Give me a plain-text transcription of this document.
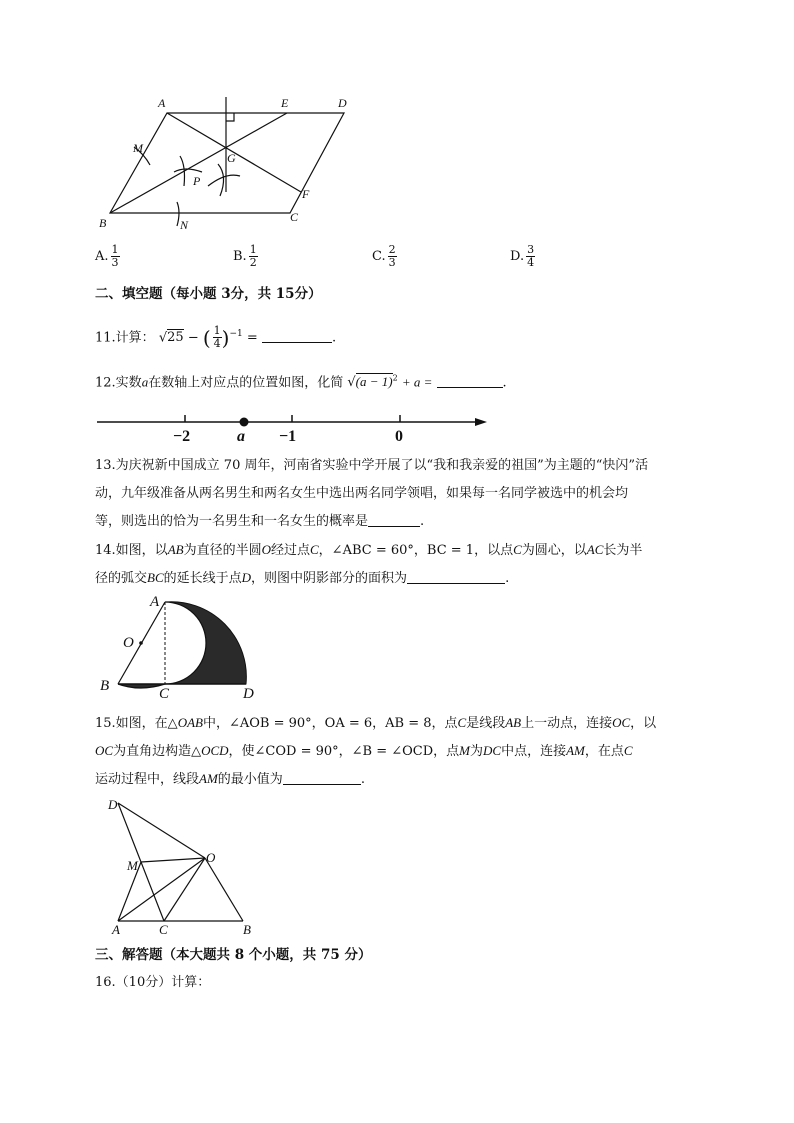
A	E	D
M
G
P
F
B	N
C
A. $\frac{1}{3}$	B. $\frac{1}{2}$	C. $\frac{2}{3}$	D. $\frac{3}{4}$
二、填空题（每小题 3分，共 15分）
11.计算： √25 − ( $\frac{1}{4} )^{-1}$ =	.
12.实数a在数轴上对应点的位置如图，化简 $√(a - 1)^2 + a$ =	.
−2	a −1	0
13.为庆祝新中国成立 70 周年，河南省实验中学开展了以“我和我亲爱的祖国”为主题的“快闪”活
动，九年级准备从两名男生和两名女生中选出两名同学领唱，如果每一名同学被选中的机会均
等，则选出的恰为一名男生和一名女生的概率是	.
14.如图，以AB为直径的半圆O经过点C，∠ABC = 60°，BC = 1，以点C为圆心，以AC长为半
径的弧交BC的延长线于点D，则图中阴影部分的面积为	.
A
O
B	C	D
15.如图，在△OAB中，∠AOB = 90°，OA = 6，AB = 8，点C是线段AB上一动点，连接OC，以
OC为直角边构造△OCD，使∠COD = 90°，∠B = ∠OCD，点M为DC中点，连接AM，在点C
运动过程中，线段AM的最小值为	.
D
M
O
A	C	B
三、解答题（本大题共 8 个小题，共 75 分）
16.（10分）计算：
